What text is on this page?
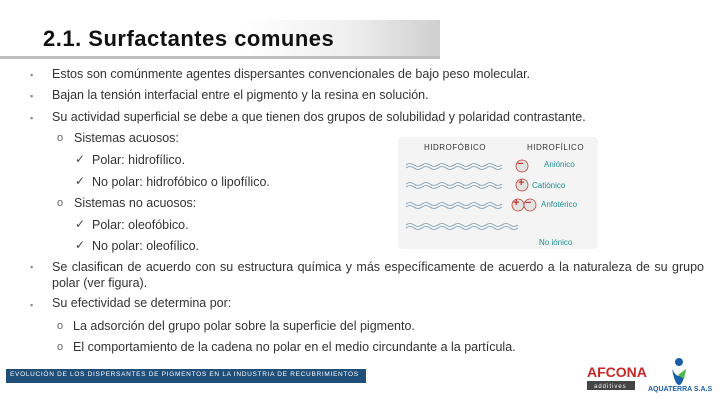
2.1. Surfactantes comunes
▪ Estos son comúnmente agentes dispersantes convencionales de bajo peso molecular.
▪ Bajan la tensión interfacial entre el pigmento y la resina en solución.
▪ Su actividad superficial se debe a que tienen dos grupos de solubilidad y polaridad contrastante.
o Sistemas acuosos:
✓ Polar: hidrofílico.
✓ No polar: hidrofóbico o lipofílico.
o Sistemas no acuosos:
✓ Polar: oleofóbico.
✓ No polar: oleofílico.
HIDROFÓBICO	HIDROFÍLICO
−
+
+ −
Aniónico
Catiónico
Anfotérico
No iónico
▪ Se clasifican de acuerdo con su estructura química y más específicamente de acuerdo a la naturaleza de su grupo polar (ver figura).
▪ Su efectividad se determina por:
o La adsorción del grupo polar sobre la superficie del pigmento.
o El comportamiento de la cadena no polar en el medio circundante a la partícula.
EVOLUCIÓN DE LOS DISPERSANTES DE PIGMENTOS EN LA INDUSTRIA DE RECUBRIMIENTOS	AFCONA
additives	AQUATERRA S.A.S
